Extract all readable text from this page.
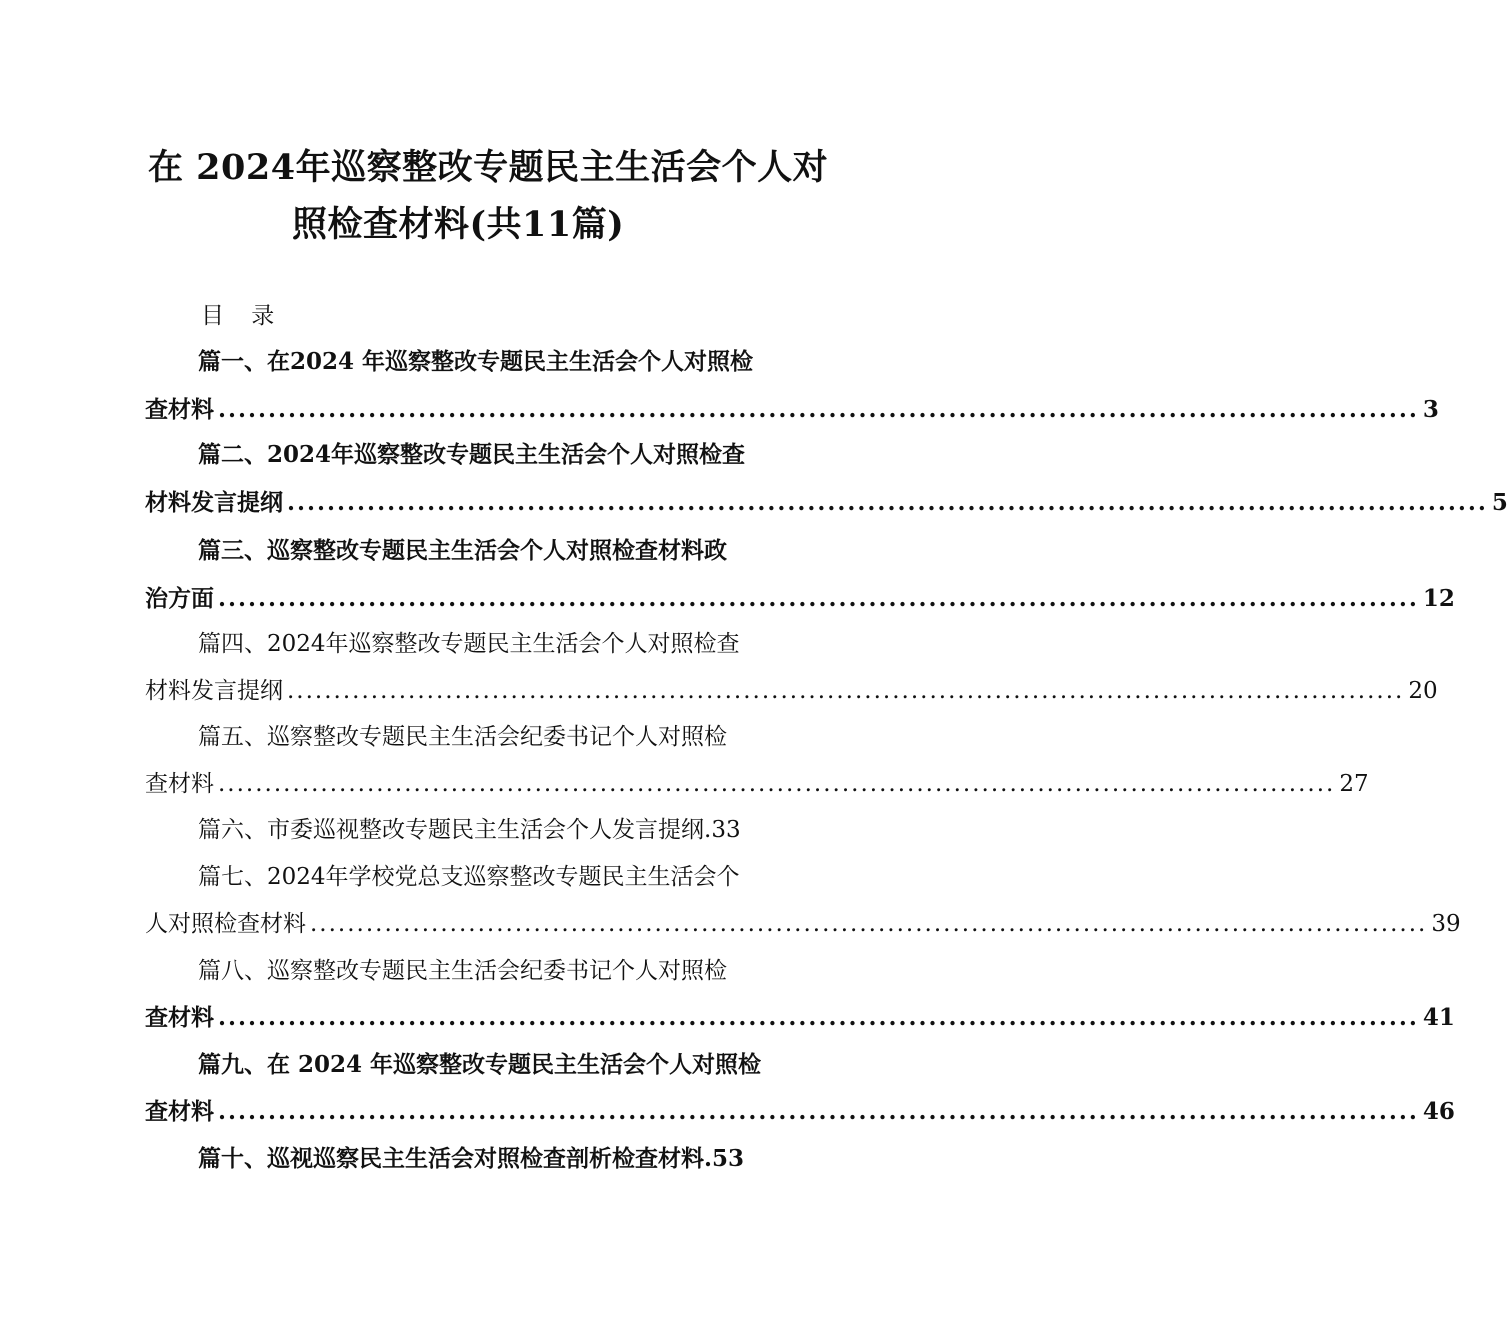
在 2024年巡察整改专题民主生活会个人对
照检查材料(共11篇)
目 录
篇一、在2024 年巡察整改专题民主生活会个人对照检
查材料 ........................................................................................................................ 3
篇二、2024年巡察整改专题民主生活会个人对照检查
材料发言提纲 ........................................................................................................................ 5
篇三、巡察整改专题民主生活会个人对照检查材料政
治方面 ........................................................................................................................ 12
篇四、2024年巡察整改专题民主生活会个人对照检查
材料发言提纲 ........................................................................................................................ 20
篇五、巡察整改专题民主生活会纪委书记个人对照检
查材料 ........................................................................................................................ 27
篇六、市委巡视整改专题民主生活会个人发言提纲 . 33
篇七、2024年学校党总支巡察整改专题民主生活会个
人对照检查材料 ........................................................................................................................ 39
篇八、巡察整改专题民主生活会纪委书记个人对照检
查材料 ........................................................................................................................ 41
篇九、在 2024 年巡察整改专题民主生活会个人对照检
查材料 ........................................................................................................................ 46
篇十、巡视巡察民主生活会对照检查剖析检查材料 . 53
